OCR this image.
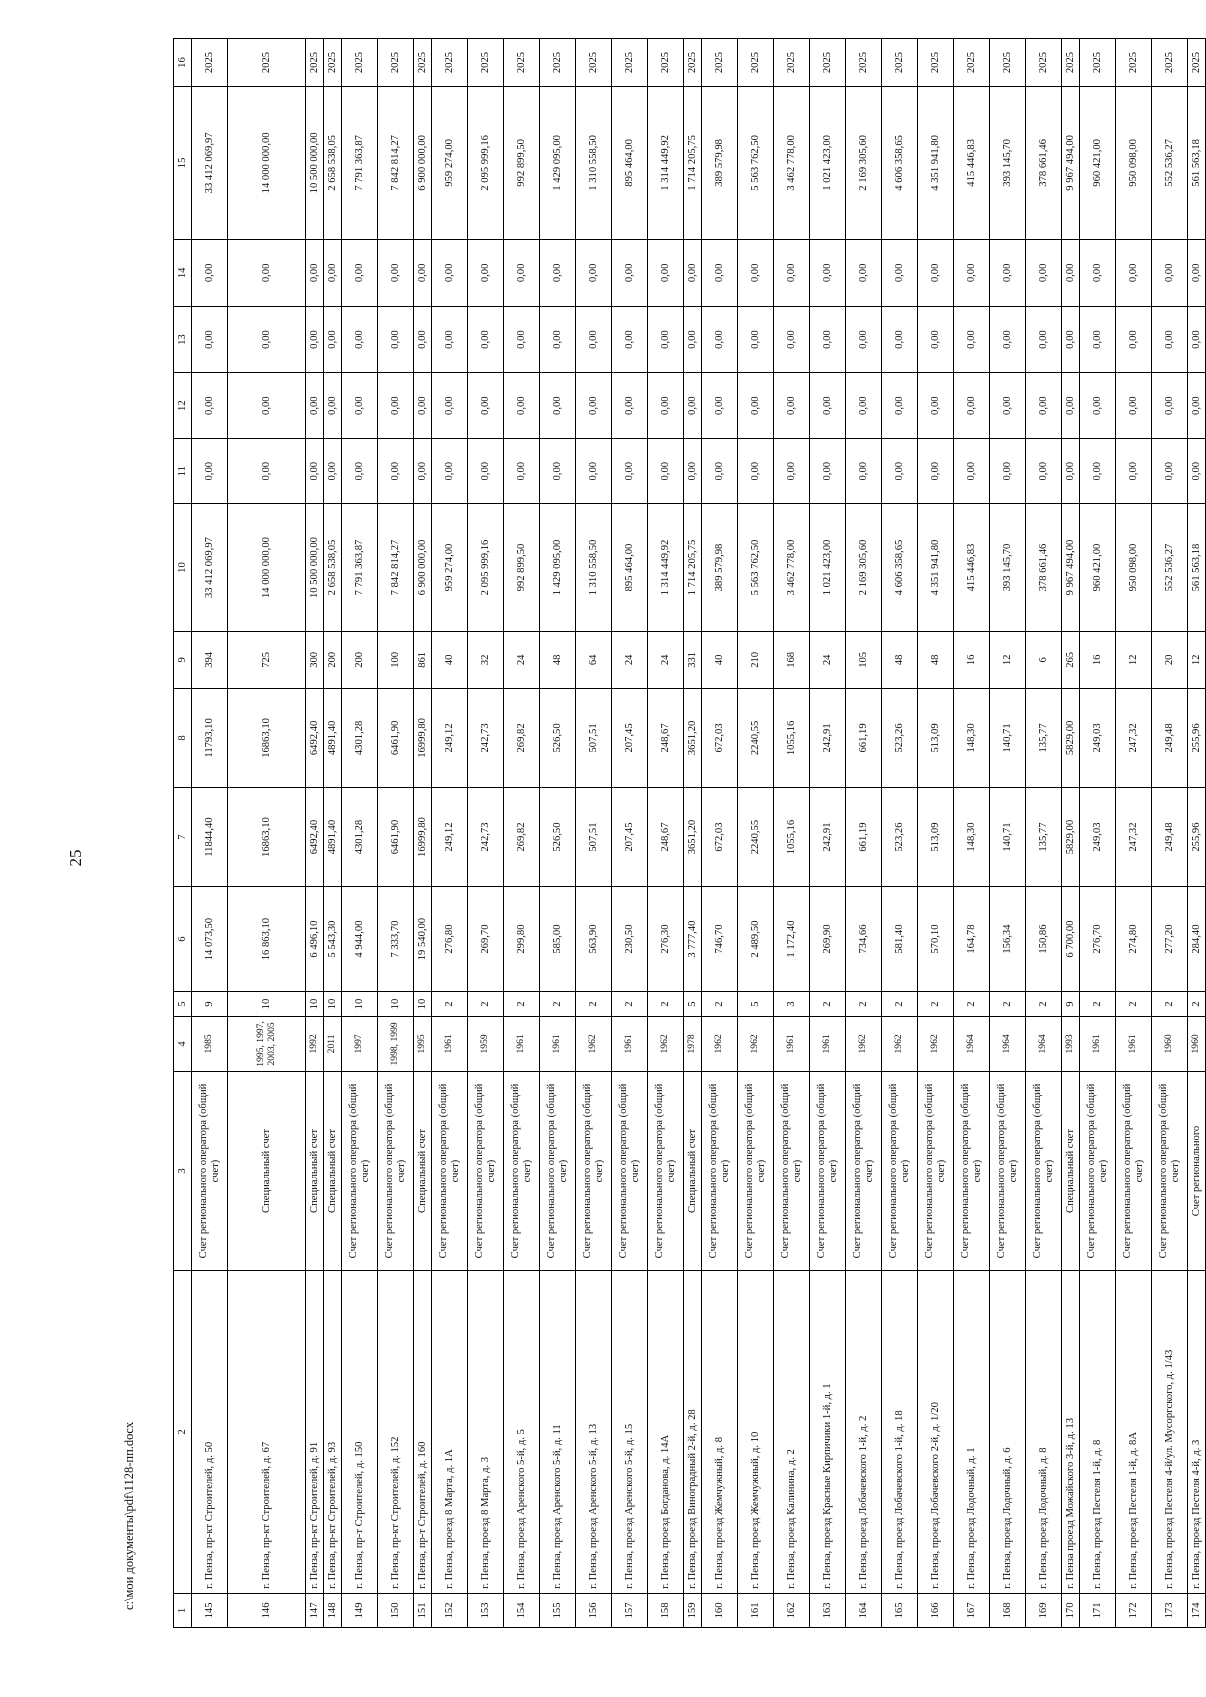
25
1	2	3	4	5	6	7	8	9	10	11	12	13	14	15	16
145	г. Пенза, пр-кт Строителей, д. 50	Счет регионального оператора (общий счет)	1985	9	14 073,50	11844,40	11793,10	394	33 412 069,97	0,00	0,00	0,00	0,00	33 412 069,97	2025
146	г. Пенза, пр-кт Строителей, д. 67	Специальный счет	1995, 1997, 2003, 2005	10	16 863,10	16863,10	16863,10	725	14 000 000,00	0,00	0,00	0,00	0,00	14 000 000,00	2025
147	г. Пенза, пр-кт Строителей, д. 91	Специальный счет	1992	10	6 496,10	6492,40	6492,40	300	10 500 000,00	0,00	0,00	0,00	0,00	10 500 000,00	2025
148	г. Пенза, пр-кт Строителей, д. 93	Специальный счет	2011	10	5 543,30	4891,40	4891,40	200	2 658 538,05	0,00	0,00	0,00	0,00	2 658 538,05	2025
149	г. Пенза, пр-т Строителей, д. 150	Счет регионального оператора (общий счет)	1997	10	4 944,00	4301,28	4301,28	200	7 791 363,87	0,00	0,00	0,00	0,00	7 791 363,87	2025
150	г. Пенза, пр-кт Строителей, д. 152	Счет регионального оператора (общий счет)	1998, 1999	10	7 333,70	6461,90	6461,90	100	7 842 814,27	0,00	0,00	0,00	0,00	7 842 814,27	2025
151	г. Пенза, пр-т Строителей, д. 160	Специальный счет	1995	10	19 540,00	16999,80	16999,80	861	6 900 000,00	0,00	0,00	0,00	0,00	6 900 000,00	2025
152	г. Пенза, проезд 8 Марта, д. 1А	Счет регионального оператора (общий счет)	1961	2	276,80	249,12	249,12	40	959 274,00	0,00	0,00	0,00	0,00	959 274,00	2025
153	г. Пенза, проезд 8 Марта, д. 3	Счет регионального оператора (общий счет)	1959	2	269,70	242,73	242,73	32	2 095 999,16	0,00	0,00	0,00	0,00	2 095 999,16	2025
154	г. Пенза, проезд Аренского 5-й, д. 5	Счет регионального оператора (общий счет)	1961	2	299,80	269,82	269,82	24	992 899,50	0,00	0,00	0,00	0,00	992 899,50	2025
155	г. Пенза, проезд Аренского 5-й, д. 11	Счет регионального оператора (общий счет)	1961	2	585,00	526,50	526,50	48	1 429 095,00	0,00	0,00	0,00	0,00	1 429 095,00	2025
156	г. Пенза, проезд Аренского 5-й, д. 13	Счет регионального оператора (общий счет)	1962	2	563,90	507,51	507,51	64	1 310 558,50	0,00	0,00	0,00	0,00	1 310 558,50	2025
157	г. Пенза, проезд Аренского 5-й, д. 15	Счет регионального оператора (общий счет)	1961	2	230,50	207,45	207,45	24	895 464,00	0,00	0,00	0,00	0,00	895 464,00	2025
158	г. Пенза, проезд Богданова, д. 14А	Счет регионального оператора (общий счет)	1962	2	276,30	248,67	248,67	24	1 314 449,92	0,00	0,00	0,00	0,00	1 314 449,92	2025
159	г. Пенза, проезд Виноградный 2-й, д. 28	Специальный счет	1978	5	3 777,40	3651,20	3651,20	331	1 714 205,75	0,00	0,00	0,00	0,00	1 714 205,75	2025
160	г. Пенза, проезд Жемчужный, д. 8	Счет регионального оператора (общий счет)	1962	2	746,70	672,03	672,03	40	389 579,98	0,00	0,00	0,00	0,00	389 579,98	2025
161	г. Пенза, проезд Жемчужный, д. 10	Счет регионального оператора (общий счет)	1962	5	2 489,50	2240,55	2240,55	210	5 563 762,50	0,00	0,00	0,00	0,00	5 563 762,50	2025
162	г. Пенза, проезд Калинина, д. 2	Счет регионального оператора (общий счет)	1961	3	1 172,40	1055,16	1055,16	168	3 462 778,00	0,00	0,00	0,00	0,00	3 462 778,00	2025
163	г. Пенза, проезд Красные Кирпичики 1-й, д. 1	Счет регионального оператора (общий счет)	1961	2	269,90	242,91	242,91	24	1 021 423,00	0,00	0,00	0,00	0,00	1 021 423,00	2025
164	г. Пенза, проезд Лобачевского 1-й, д. 2	Счет регионального оператора (общий счет)	1962	2	734,66	661,19	661,19	105	2 169 305,60	0,00	0,00	0,00	0,00	2 169 305,60	2025
165	г. Пенза, проезд Лобачевского 1-й, д. 18	Счет регионального оператора (общий счет)	1962	2	581,40	523,26	523,26	48	4 606 358,65	0,00	0,00	0,00	0,00	4 606 358,65	2025
166	г. Пенза, проезд Лобачевского 2-й, д. 1/20	Счет регионального оператора (общий счет)	1962	2	570,10	513,09	513,09	48	4 351 941,80	0,00	0,00	0,00	0,00	4 351 941,80	2025
167	г. Пенза, проезд Лодочный, д. 1	Счет регионального оператора (общий счет)	1964	2	164,78	148,30	148,30	16	415 446,83	0,00	0,00	0,00	0,00	415 446,83	2025
168	г. Пенза, проезд Лодочный, д. 6	Счет регионального оператора (общий счет)	1964	2	156,34	140,71	140,71	12	393 145,70	0,00	0,00	0,00	0,00	393 145,70	2025
169	г. Пенза, проезд Лодочный, д. 8	Счет регионального оператора (общий счет)	1964	2	150,86	135,77	135,77	6	378 661,46	0,00	0,00	0,00	0,00	378 661,46	2025
170	г. Пенза проезд Можайского 3-й, д. 13	Специальный счет	1993	9	6 700,00	5829,00	5829,00	265	9 967 494,00	0,00	0,00	0,00	0,00	9 967 494,00	2025
171	г. Пенза, проезд Пестеля 1-й, д. 8	Счет регионального оператора (общий счет)	1961	2	276,70	249,03	249,03	16	960 421,00	0,00	0,00	0,00	0,00	960 421,00	2025
172	г. Пенза, проезд Пестеля 1-й, д. 8А	Счет регионального оператора (общий счет)	1961	2	274,80	247,32	247,32	12	950 098,00	0,00	0,00	0,00	0,00	950 098,00	2025
173	г. Пенза, проезд Пестеля 4-й/ул. Мусоргского, д. 1/43	Счет регионального оператора (общий счет)	1960	2	277,20	249,48	249,48	20	552 536,27	0,00	0,00	0,00	0,00	552 536,27	2025
174	г. Пенза, проезд Пестеля 4-й, д. 3	Счет регионального	1960	2	284,40	255,96	255,96	12	561 563,18	0,00	0,00	0,00	0,00	561 563,18	2025
c:\мои документы\pdf\1128-пп.docx
